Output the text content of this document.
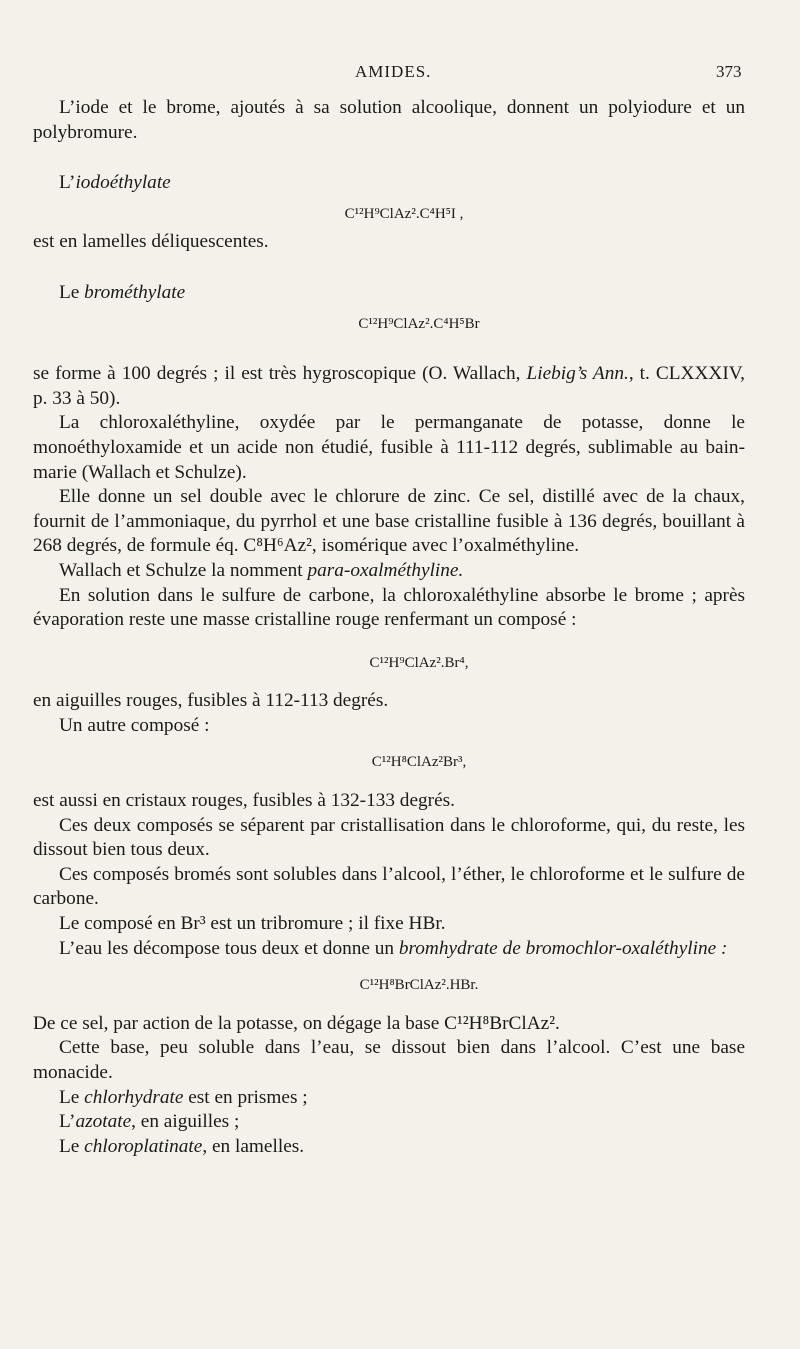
AMIDES.	373

L’iode et le brome, ajoutés à sa solution alcoolique, donnent un polyiodure et un polybromure.

L’iodoéthylate

C¹²H⁹ClAz².C⁴H⁵I ,

est en lamelles déliquescentes.

Le brométhylate

C¹²H⁹ClAz².C⁴H⁵Br

se forme à 100 degrés ; il est très hygroscopique (O. Wallach, Liebig’s Ann., t. CLXXXIV, p. 33 à 50).

La chloroxaléthyline, oxydée par le permanganate de potasse, donne le monoéthyloxamide et un acide non étudié, fusible à 111-112 degrés, sublimable au bain-marie (Wallach et Schulze).

Elle donne un sel double avec le chlorure de zinc. Ce sel, distillé avec de la chaux, fournit de l’ammoniaque, du pyrrhol et une base cristalline fusible à 136 degrés, bouillant à 268 degrés, de formule éq. C⁸H⁶Az², isomérique avec l’oxalméthyline.

Wallach et Schulze la nomment para-oxalméthyline.

En solution dans le sulfure de carbone, la chloroxaléthyline absorbe le brome ; après évaporation reste une masse cristalline rouge renfermant un composé :

C¹²H⁹ClAz².Br⁴,

en aiguilles rouges, fusibles à 112-113 degrés.

Un autre composé :

C¹²H⁸ClAz²Br³,

est aussi en cristaux rouges, fusibles à 132-133 degrés.

Ces deux composés se séparent par cristallisation dans le chloroforme, qui, du reste, les dissout bien tous deux.

Ces composés bromés sont solubles dans l’alcool, l’éther, le chloroforme et le sulfure de carbone.

Le composé en Br³ est un tribromure ; il fixe HBr.

L’eau les décompose tous deux et donne un bromhydrate de bromochlor-oxaléthyline :

C¹²H⁸BrClAz².HBr.

De ce sel, par action de la potasse, on dégage la base C¹²H⁸BrClAz².

Cette base, peu soluble dans l’eau, se dissout bien dans l’alcool. C’est une base monacide.

Le chlorhydrate est en prismes ;

L’azotate, en aiguilles ;

Le chloroplatinate, en lamelles.
